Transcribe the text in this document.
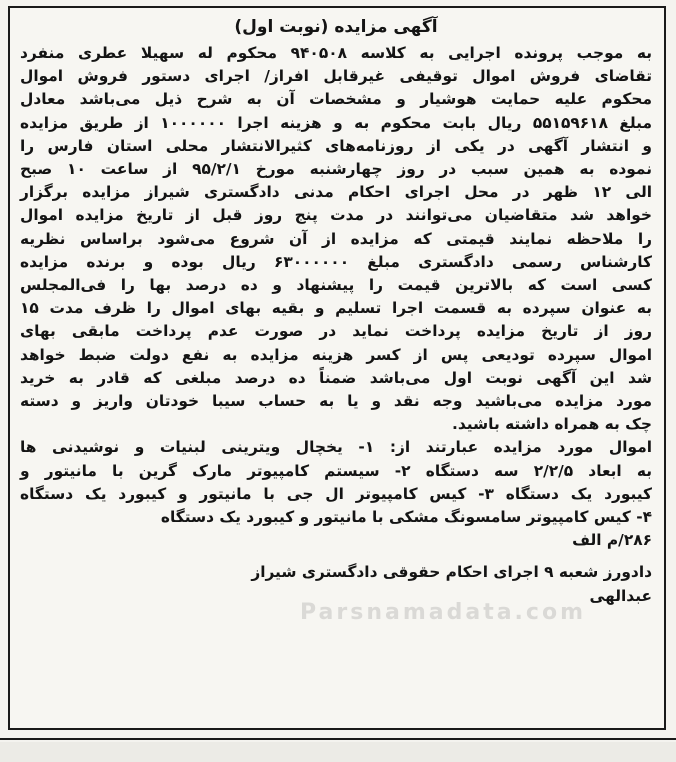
آگهی مزایده (نوبت اول)
به موجب پرونده اجرایی به کلاسه ۹۴۰۵۰۸ محکوم له سهیلا عطری منفرد
تقاضای فروش اموال توقیفی غیرقابل افراز/ اجرای دستور فروش اموال
محکوم علیه حمایت هوشیار و مشخصات آن به شرح ذیل می‌باشد معادل
مبلغ ۵۵۱۵۹۶۱۸ ریال بابت محکوم به و هزینه اجرا ۱۰۰۰۰۰۰ از طریق مزایده
و انتشار آگهی در یکی از روزنامه‌های کثیرالانتشار محلی استان فارس را
نموده به همین سبب در روز چهارشنبه مورخ ۹۵/۲/۱ از ساعت ۱۰ صبح
الی ۱۲ ظهر در محل اجرای احکام مدنی دادگستری شیراز مزایده برگزار
خواهد شد متقاضیان می‌توانند در مدت پنج روز قبل از تاریخ مزایده اموال
را ملاحظه نمایند قیمتی که مزایده از آن شروع می‌شود براساس نظریه
کارشناس رسمی دادگستری مبلغ ۶۳۰۰۰۰۰۰ ریال بوده و برنده مزایده
کسی است که بالاترین قیمت را پیشنهاد و ده درصد بها را فی‌المجلس
به عنوان سپرده به قسمت اجرا تسلیم و بقیه بهای اموال را ظرف مدت ۱۵
روز از تاریخ مزایده پرداخت نماید در صورت عدم پرداخت مابقی بهای
اموال سپرده تودیعی پس از کسر هزینه مزایده به نفع دولت ضبط خواهد
شد این آگهی نوبت اول می‌باشد ضمناً ده درصد مبلغی که قادر به خرید
مورد مزایده می‌باشید وجه نقد و یا به حساب سیبا خودتان واریز و دسته
چک به همراه داشته باشید.
اموال مورد مزایده عبارتند از: ۱- یخچال ویترینی لبنیات و نوشیدنی ها
به ابعاد ۲/۲/۵ سه دستگاه ۲- سیستم کامپیوتر مارک گرین با مانیتور و
کیبورد یک دستگاه ۳- کیس کامپیوتر ال جی با مانیتور و کیبورد یک دستگاه
۴- کیس کامپیوتر سامسونگ مشکی با مانیتور و کیبورد یک دستگاه
۲۸۶/م الف
دادورز شعبه ۹ اجرای احکام حقوقی دادگستری شیراز
عبدالهی
